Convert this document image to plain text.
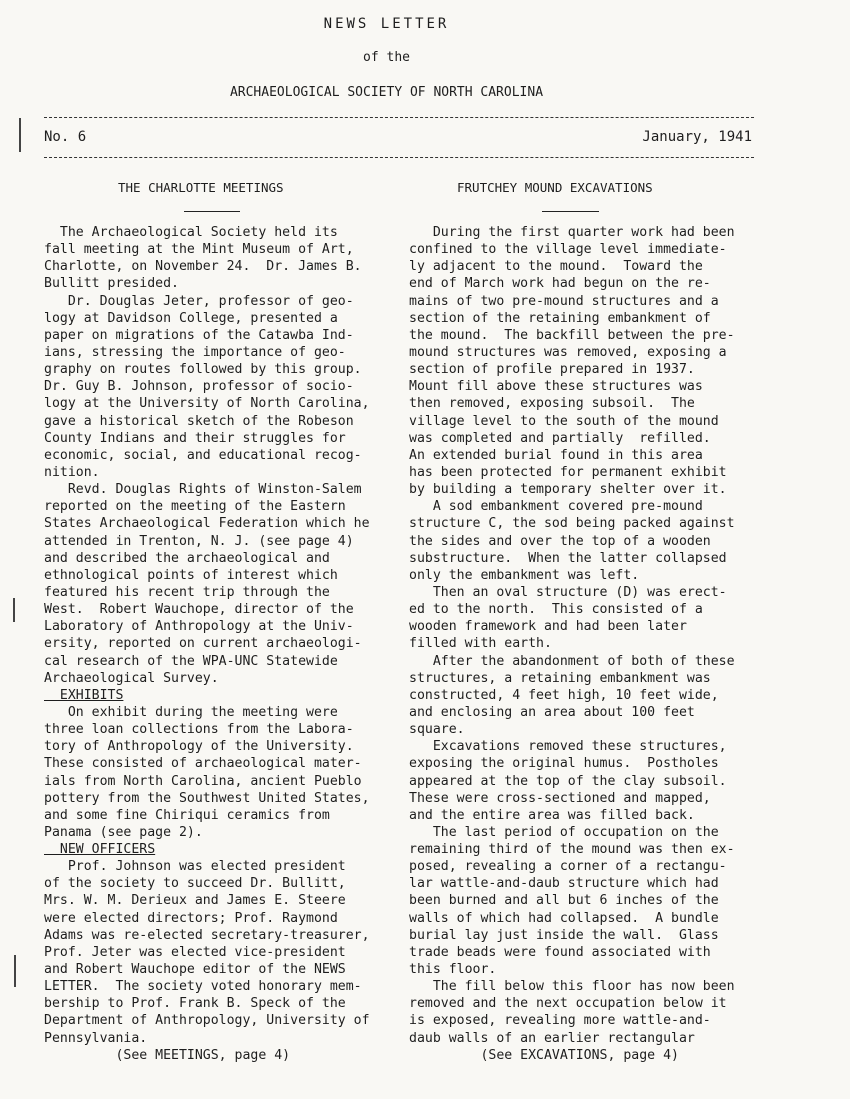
NEWS LETTER
of the
ARCHAEOLOGICAL SOCIETY OF NORTH CAROLINA
No. 6	January, 1941
THE CHARLOTTE MEETINGS	FRUTCHEY MOUND EXCAVATIONS
The Archaeological Society held its
fall meeting at the Mint Museum of Art,
Charlotte, on November 24.  Dr. James B.
Bullitt presided.
Dr. Douglas Jeter, professor of geo-
logy at Davidson College, presented a
paper on migrations of the Catawba Ind-
ians, stressing the importance of geo-
graphy on routes followed by this group.
Dr. Guy B. Johnson, professor of socio-
logy at the University of North Carolina,
gave a historical sketch of the Robeson
County Indians and their struggles for
economic, social, and educational recog-
nition.
Revd. Douglas Rights of Winston-Salem
reported on the meeting of the Eastern
States Archaeological Federation which he
attended in Trenton, N. J. (see page 4)
and described the archaeological and
ethnological points of interest which
featured his recent trip through the
West.  Robert Wauchope, director of the
Laboratory of Anthropology at the Univ-
ersity, reported on current archaeologi-
cal research of the WPA-UNC Statewide
Archaeological Survey.
EXHIBITS
On exhibit during the meeting were
three loan collections from the Labora-
tory of Anthropology of the University.
These consisted of archaeological mater-
ials from North Carolina, ancient Pueblo
pottery from the Southwest United States,
and some fine Chiriqui ceramics from
Panama (see page 2).
NEW OFFICERS
Prof. Johnson was elected president
of the society to succeed Dr. Bullitt,
Mrs. W. M. Derieux and James E. Steere
were elected directors; Prof. Raymond
Adams was re-elected secretary-treasurer,
Prof. Jeter was elected vice-president
and Robert Wauchope editor of the NEWS
LETTER.  The society voted honorary mem-
bership to Prof. Frank B. Speck of the
Department of Anthropology, University of
Pennsylvania.
(See MEETINGS, page 4)
During the first quarter work had been
confined to the village level immediate-
ly adjacent to the mound.  Toward the
end of March work had begun on the re-
mains of two pre-mound structures and a
section of the retaining embankment of
the mound.  The backfill between the pre-
mound structures was removed, exposing a
section of profile prepared in 1937.
Mount fill above these structures was
then removed, exposing subsoil.  The
village level to the south of the mound
was completed and partially  refilled.
An extended burial found in this area
has been protected for permanent exhibit
by building a temporary shelter over it.
A sod embankment covered pre-mound
structure C, the sod being packed against
the sides and over the top of a wooden
substructure.  When the latter collapsed
only the embankment was left.
Then an oval structure (D) was erect-
ed to the north.  This consisted of a
wooden framework and had been later
filled with earth.
After the abandonment of both of these
structures, a retaining embankment was
constructed, 4 feet high, 10 feet wide,
and enclosing an area about 100 feet
square.
Excavations removed these structures,
exposing the original humus.  Postholes
appeared at the top of the clay subsoil.
These were cross-sectioned and mapped,
and the entire area was filled back.
The last period of occupation on the
remaining third of the mound was then ex-
posed, revealing a corner of a rectangu-
lar wattle-and-daub structure which had
been burned and all but 6 inches of the
walls of which had collapsed.  A bundle
burial lay just inside the wall.  Glass
trade beads were found associated with
this floor.
The fill below this floor has now been
removed and the next occupation below it
is exposed, revealing more wattle-and-
daub walls of an earlier rectangular
(See EXCAVATIONS, page 4)
